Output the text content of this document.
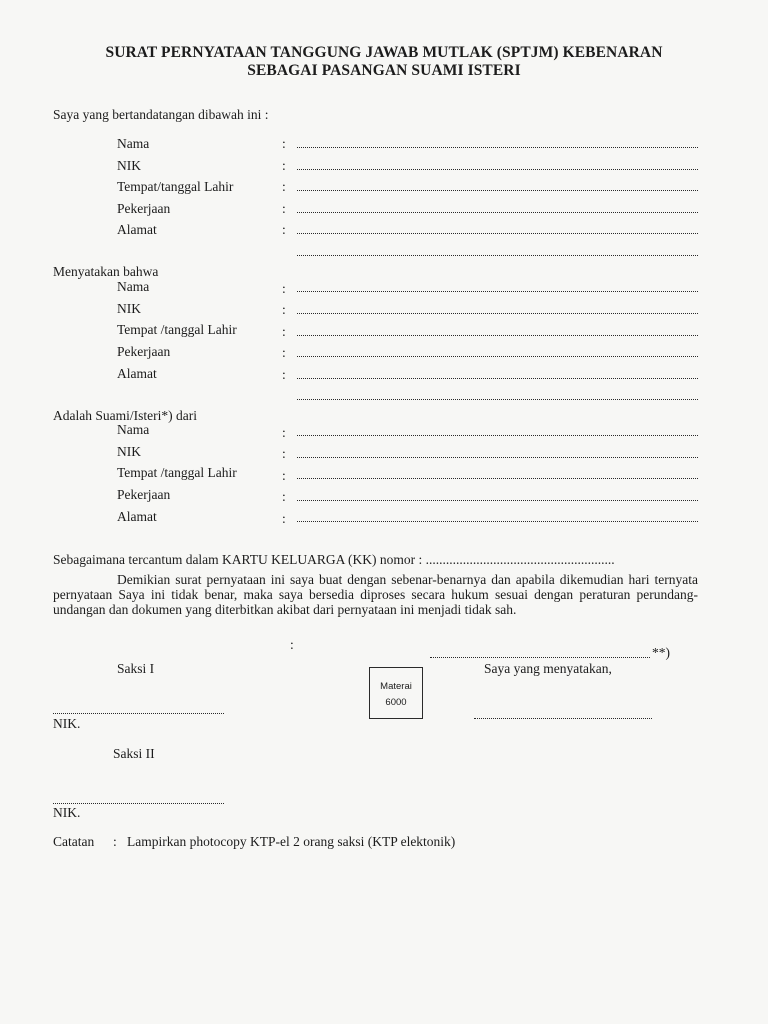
SURAT PERNYATAAN TANGGUNG JAWAB MUTLAK (SPTJM) KEBENARAN
SEBAGAI PASANGAN SUAMI ISTERI
Saya yang bertandatangan dibawah ini :
Nama	:
NIK	:
Tempat/tanggal Lahir	:
Pekerjaan	:
Alamat	:
Menyatakan bahwa
Nama	:
NIK	:
Tempat /tanggal Lahir	:
Pekerjaan	:
Alamat	:
Adalah Suami/Isteri*) dari
Nama	:
NIK	:
Tempat /tanggal Lahir	:
Pekerjaan	:
Alamat	:
Sebagaimana tercantum dalam KARTU KELUARGA (KK) nomor : ........................................................
Demikian surat pernyataan ini saya buat dengan sebenar-benarnya dan apabila dikemudian hari ternyata pernyataan Saya ini tidak benar, maka saya bersedia diproses secara hukum sesuai dengan peraturan perundang-undangan dan dokumen yang diterbitkan akibat dari pernyataan ini menjadi tidak sah.
:
**)
Saksi I	Saya yang menyatakan,
Materai
6000
NIK.
Saksi II
NIK.
Catatan : Lampirkan photocopy KTP-el 2 orang saksi (KTP elektonik)
